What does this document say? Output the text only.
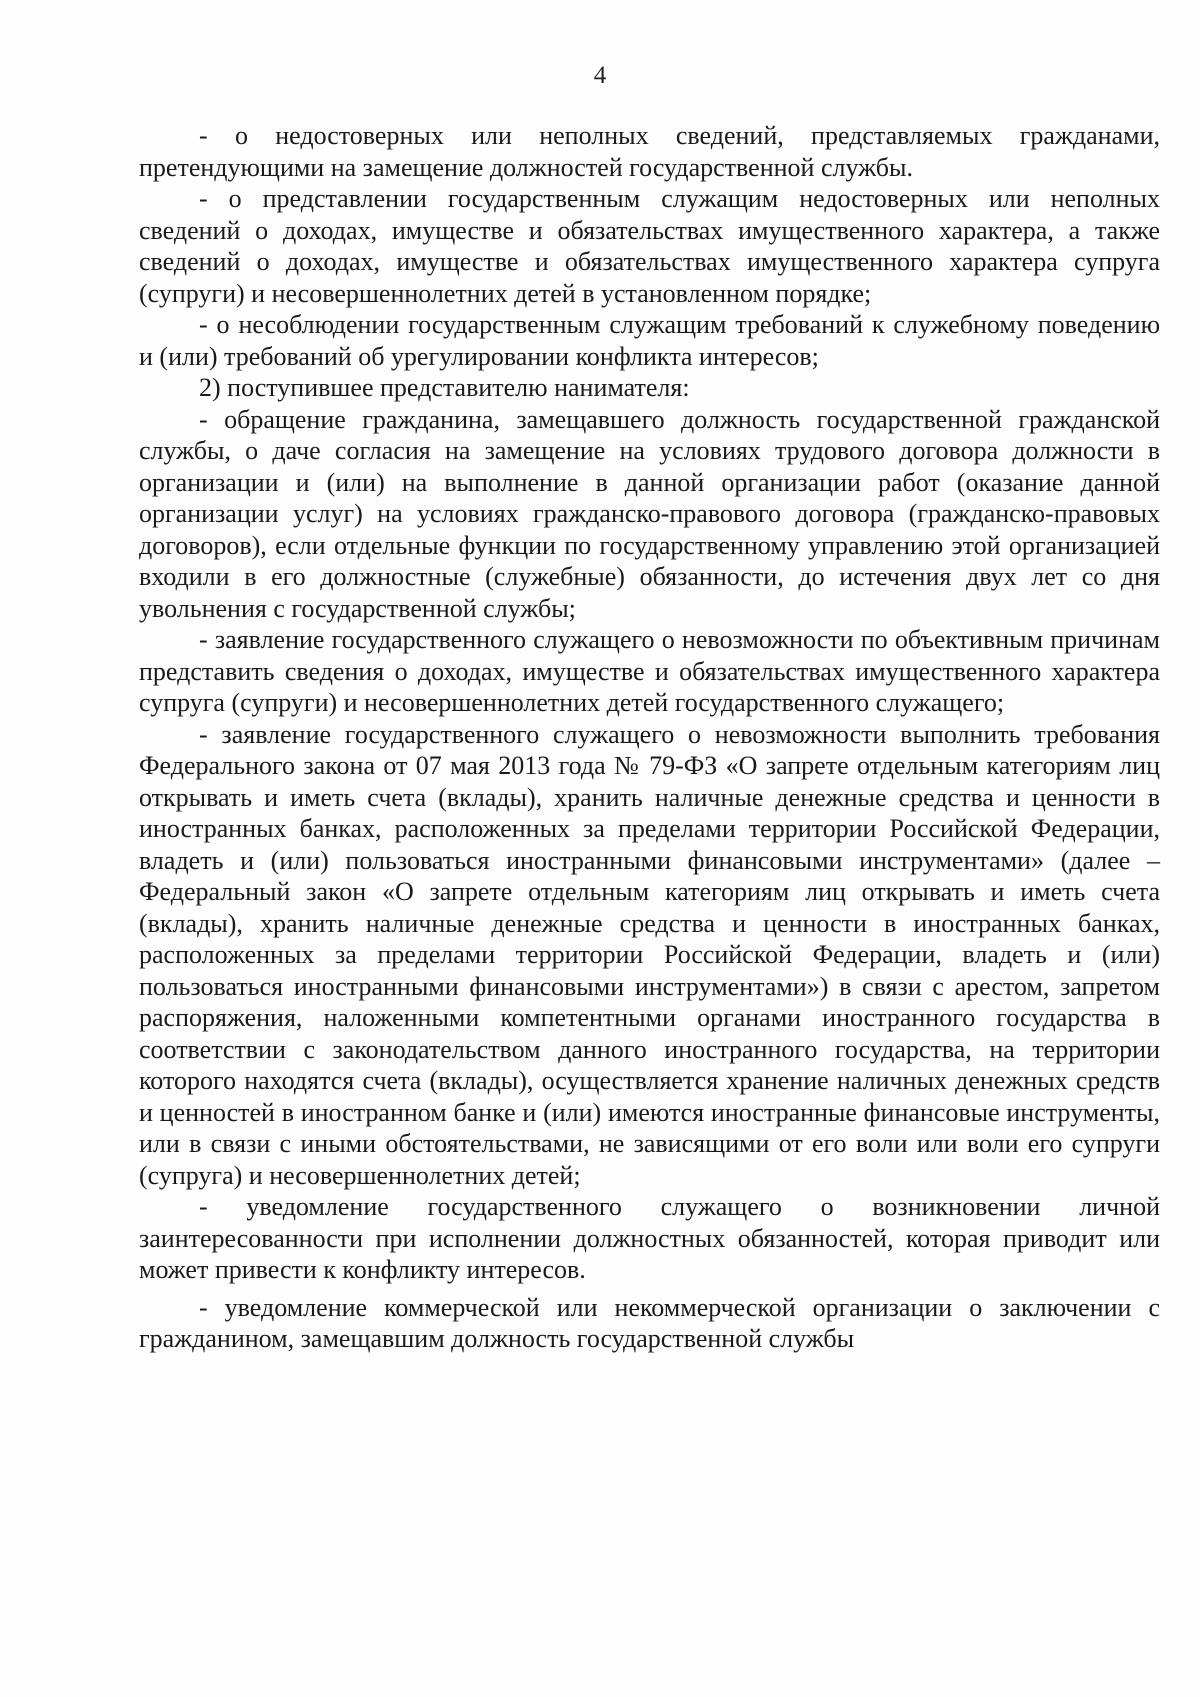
4

- о недостоверных или неполных сведений, представляемых гражданами, претендующими на замещение должностей государственной службы.

- о представлении государственным служащим недостоверных или неполных сведений о доходах, имуществе и обязательствах имущественного характера, а также сведений о доходах, имуществе и обязательствах имущественного характера супруга (супруги) и несовершеннолетних детей в установленном порядке;

- о несоблюдении государственным служащим требований к служебному поведению и (или) требований об урегулировании конфликта интересов;

2) поступившее представителю нанимателя:

- обращение гражданина, замещавшего должность государственной гражданской службы, о даче согласия на замещение на условиях трудового договора должности в организации и (или) на выполнение в данной организации работ (оказание данной организации услуг) на условиях гражданско-правового договора (гражданско-правовых договоров), если отдельные функции по государственному управлению этой организацией входили в его должностные (служебные) обязанности, до истечения двух лет со дня увольнения с государственной службы;

- заявление государственного служащего о невозможности по объективным причинам представить сведения о доходах, имуществе и обязательствах имущественного характера супруга (супруги) и несовершеннолетних детей государственного служащего;

- заявление государственного служащего о невозможности выполнить требования Федерального закона от 07 мая 2013 года № 79-ФЗ «О запрете отдельным категориям лиц открывать и иметь счета (вклады), хранить наличные денежные средства и ценности в иностранных банках, расположенных за пределами территории Российской Федерации, владеть и (или) пользоваться иностранными финансовыми инструментами» (далее – Федеральный закон «О запрете отдельным категориям лиц открывать и иметь счета (вклады), хранить наличные денежные средства и ценности в иностранных банках, расположенных за пределами территории Российской Федерации, владеть и (или) пользоваться иностранными финансовыми инструментами») в связи с арестом, запретом распоряжения, наложенными компетентными органами иностранного государства в соответствии с законодательством данного иностранного государства, на территории которого находятся счета (вклады), осуществляется хранение наличных денежных средств и ценностей в иностранном банке и (или) имеются иностранные финансовые инструменты, или в связи с иными обстоятельствами, не зависящими от его воли или воли его супруги (супруга) и несовершеннолетних детей;

- уведомление государственного служащего о возникновении личной заинтересованности при исполнении должностных обязанностей, которая приводит или может привести к конфликту интересов.

- уведомление коммерческой или некоммерческой организации о заключении с гражданином, замещавшим должность государственной службы
